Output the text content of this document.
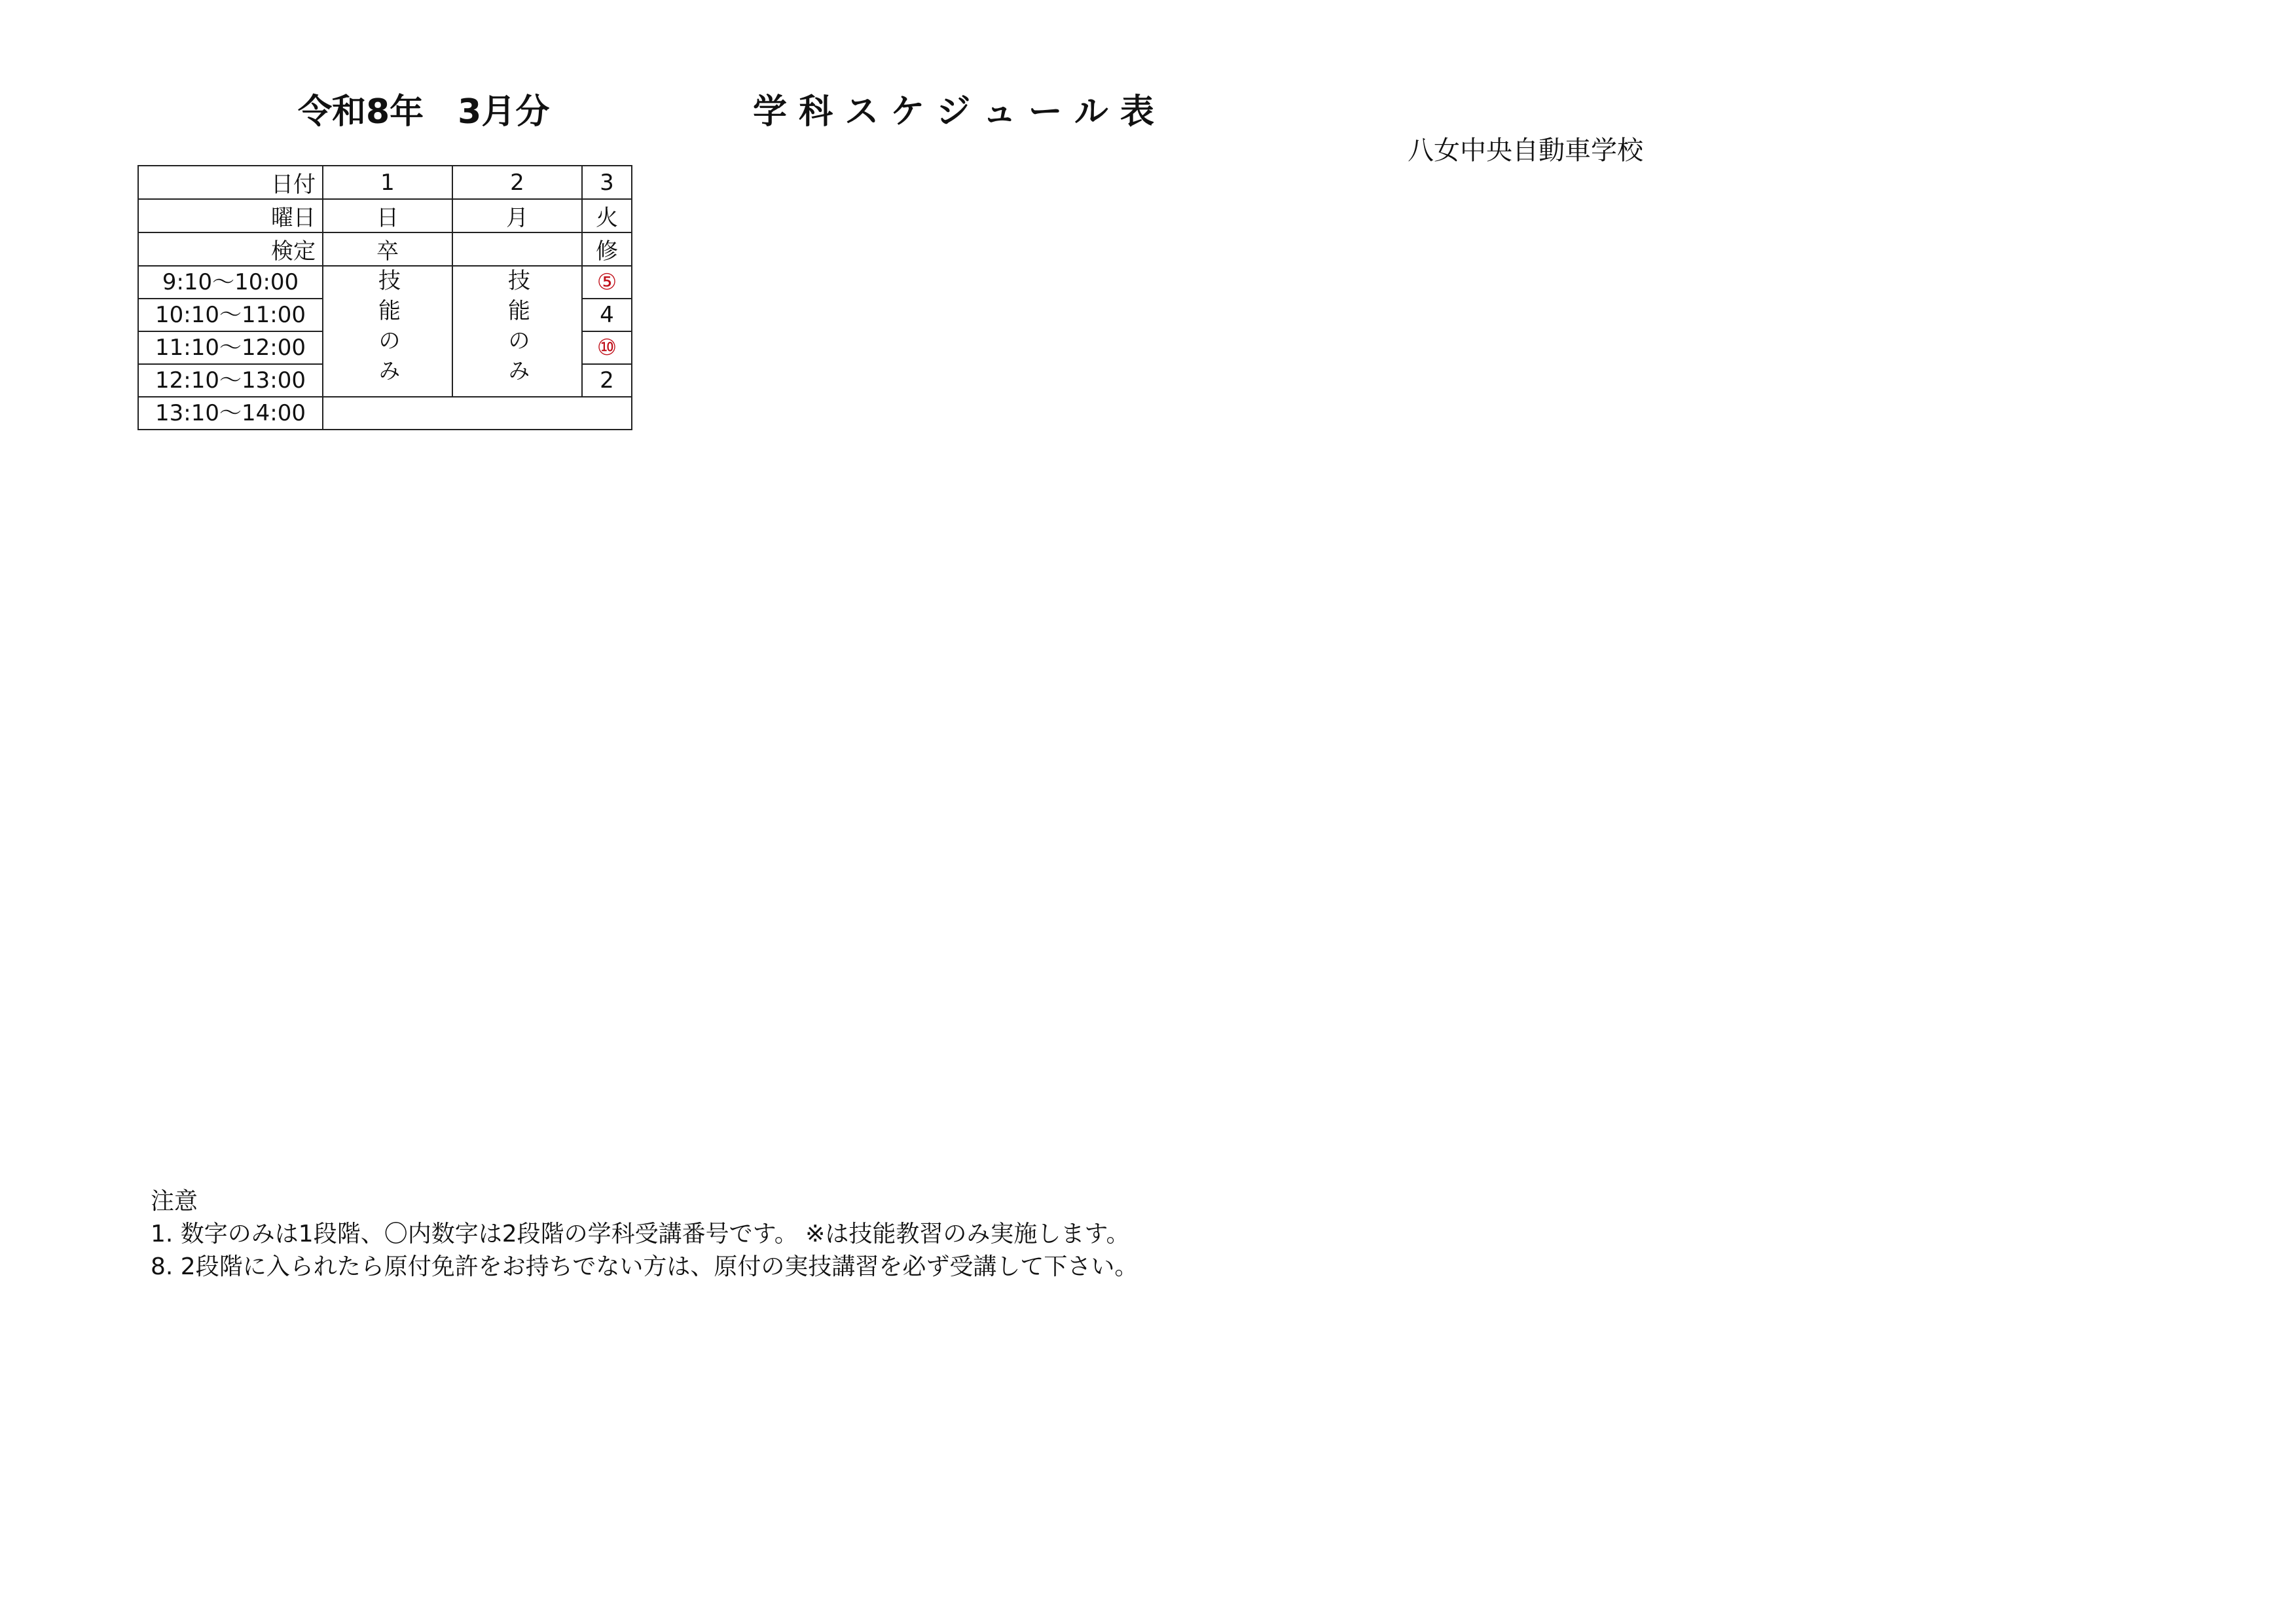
令和8年　3月分	学 科 ス ケ ジ ュ ー ル 表
八女中央自動車学校
日付	1	2	3
曜日	日	月	火
検定	卒		修
9:10～10:00	技能のみ	技能のみ	⑤
10:10～11:00			4
11:10～12:00			⑩
12:10～13:00			2
13:10～14:00			
注意
1. 数字のみは1段階、〇内数字は2段階の学科受講番号です。 ※は技能教習のみ実施します。
8. 2段階に入られたら原付免許をお持ちでない方は、原付の実技講習を必ず受講して下さい。
